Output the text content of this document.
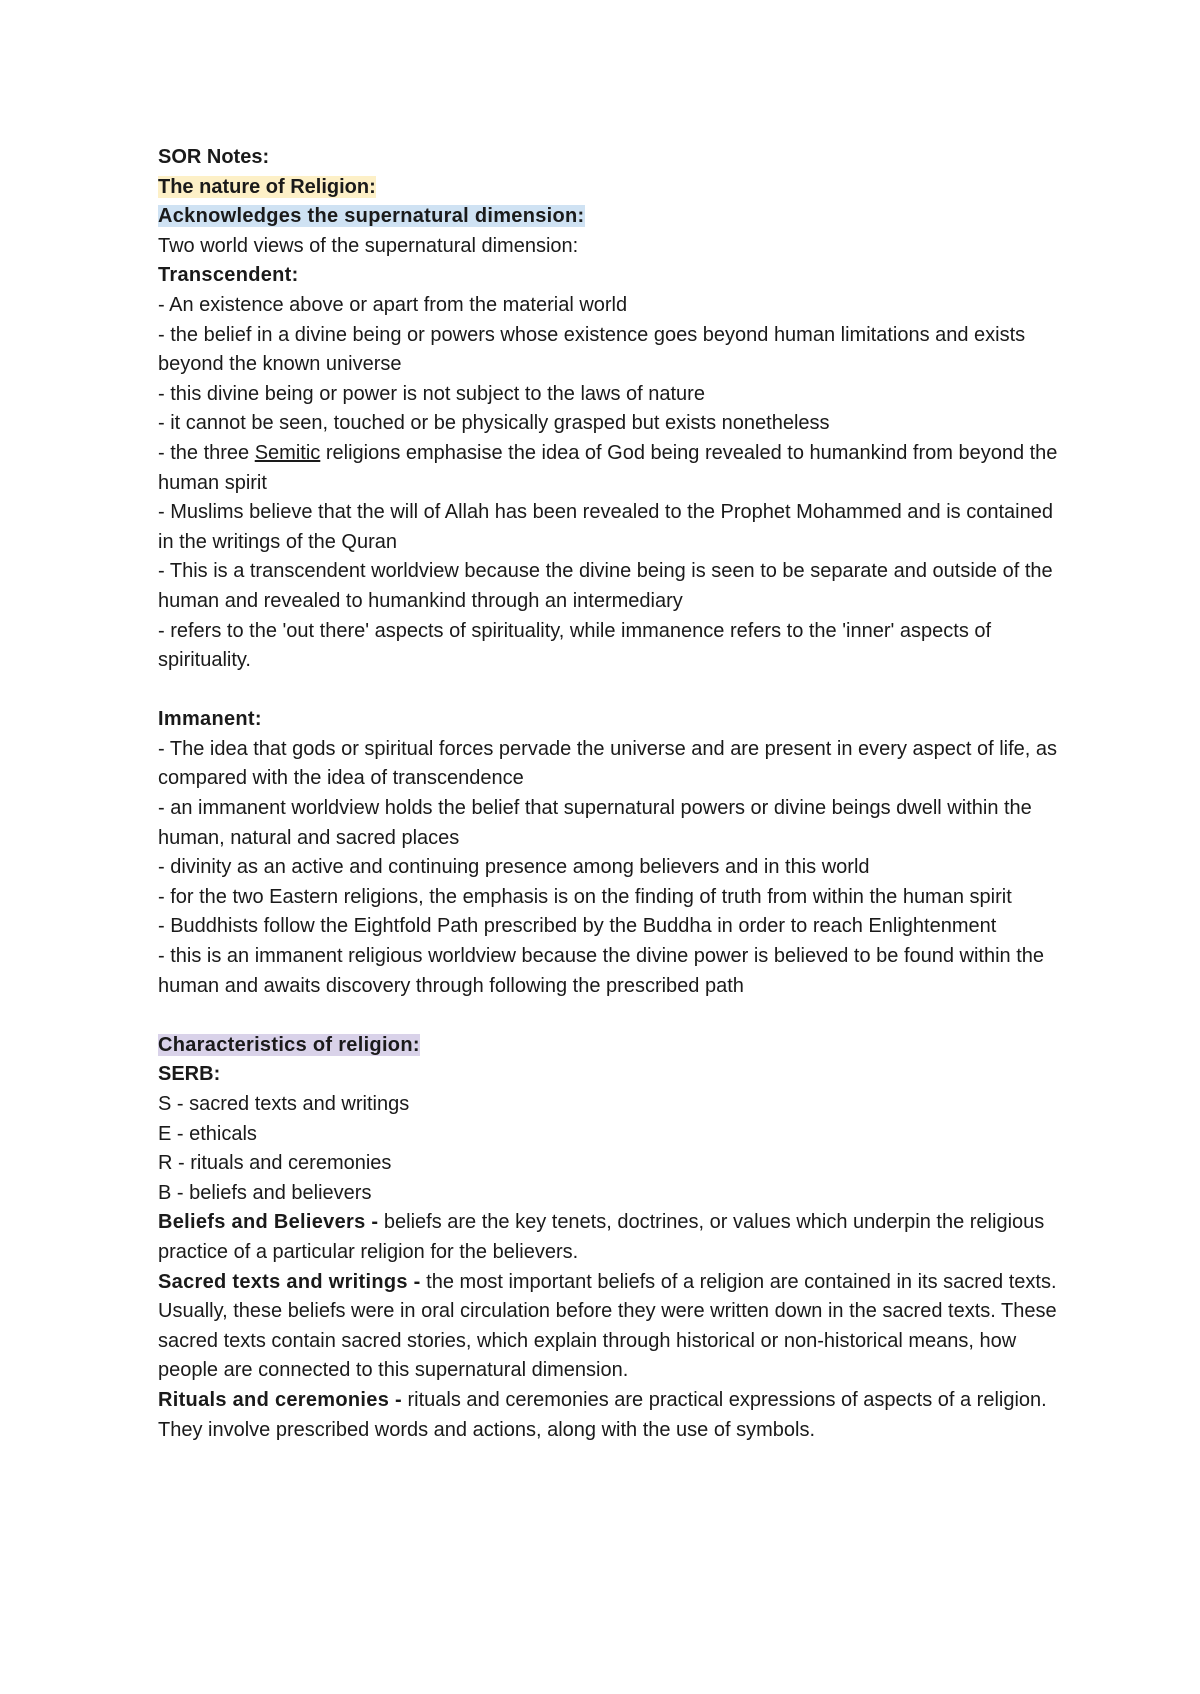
SOR Notes:

The nature of Religion:

Acknowledges the supernatural dimension:

Two world views of the supernatural dimension:

Transcendent:

- An existence above or apart from the material world

- the belief in a divine being or powers whose existence goes beyond human limitations and exists beyond the known universe

- this divine being or power is not subject to the laws of nature

- it cannot be seen, touched or be physically grasped but exists nonetheless

- the three Semitic religions emphasise the idea of God being revealed to humankind from beyond the human spirit

- Muslims believe that the will of Allah has been revealed to the Prophet Mohammed and is contained in the writings of the Quran

- This is a transcendent worldview because the divine being is seen to be separate and outside of the human and revealed to humankind through an intermediary

- refers to the 'out there' aspects of spirituality, while immanence refers to the 'inner' aspects of spirituality.

Immanent:

- The idea that gods or spiritual forces pervade the universe and are present in every aspect of life, as compared with the idea of transcendence

- an immanent worldview holds the belief that supernatural powers or divine beings dwell within the human, natural and sacred places

- divinity as an active and continuing presence among believers and in this world

- for the two Eastern religions, the emphasis is on the finding of truth from within the human spirit

- Buddhists follow the Eightfold Path prescribed by the Buddha in order to reach Enlightenment

- this is an immanent religious worldview because the divine power is believed to be found within the human and awaits discovery through following the prescribed path

Characteristics of religion:

SERB:

S - sacred texts and writings

E - ethicals

R - rituals and ceremonies

B - beliefs and believers

Beliefs and Believers - beliefs are the key tenets, doctrines, or values which underpin the religious practice of a particular religion for the believers.

Sacred texts and writings - the most important beliefs of a religion are contained in its sacred texts. Usually, these beliefs were in oral circulation before they were written down in the sacred texts. These sacred texts contain sacred stories, which explain through historical or non-historical means, how people are connected to this supernatural dimension.

Rituals and ceremonies - rituals and ceremonies are practical expressions of aspects of a religion. They involve prescribed words and actions, along with the use of symbols.
